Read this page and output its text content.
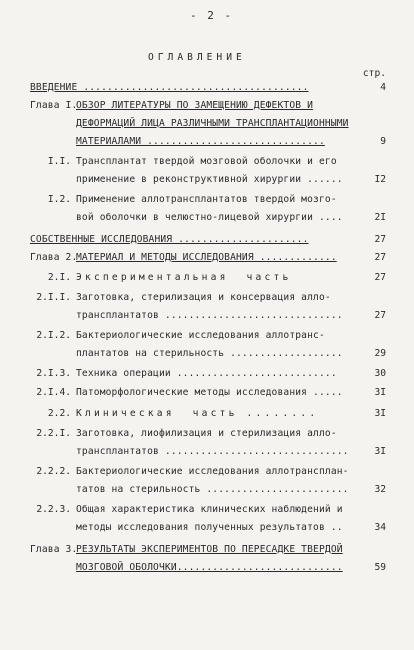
- 2 -
ОГЛАВЛЕНИЕ
стр.
ВВЕДЕНИЕ ......................................	4
Глава I.
ОБЗОР ЛИТЕРАТУРЫ ПО ЗАМЕЩЕНИЮ ДЕФЕКТОВ И
ДЕФОРМАЦИЙ ЛИЦА РАЗЛИЧНЫМИ ТРАНСПЛАНТАЦИОННЫМИ
МАТЕРИАЛАМИ ..............................	9
I.I. Трансплантат твердой мозговой оболочки и его
применение в реконструктивной хирургии ......	I2
I.2. Применение аллотрансплантатов твердой мозго-
вой оболочки в челюстно-лицевой хирургии ....	2I
СОБСТВЕННЫЕ ИССЛЕДОВАНИЯ ......................	27
Глава 2.
МАТЕРИАЛ И МЕТОДЫ ИССЛЕДОВАНИЯ .............	27
2.I. Экспериментальная  часть	27
2.I.I. Заготовка, стерилизация и консервация алло-
трансплантатов ..............................	27
2.I.2. Бактериологические исследования аллотранс-
плантатов на стерильность ...................	29
2.I.3. Техника операции ...........................	30
2.I.4. Патоморфологические методы исследования .....	3I
2.2. Клиническая  часть ........	3I
2.2.I. Заготовка, лиофилизация и стерилизация алло-
трансплантатов ...............................	3I
2.2.2. Бактериологические исследования аллотрансплан-
татов на стерильность ........................	32
2.2.3. Общая характеристика клинических наблюдений и
методы исследования полученных результатов ..	34
Глава 3.
РЕЗУЛЬТАТЫ ЭКСПЕРИМЕНТОВ ПО ПЕРЕСАДКЕ ТВЕРДОЙ
МОЗГОВОЙ ОБОЛОЧКИ............................	59
